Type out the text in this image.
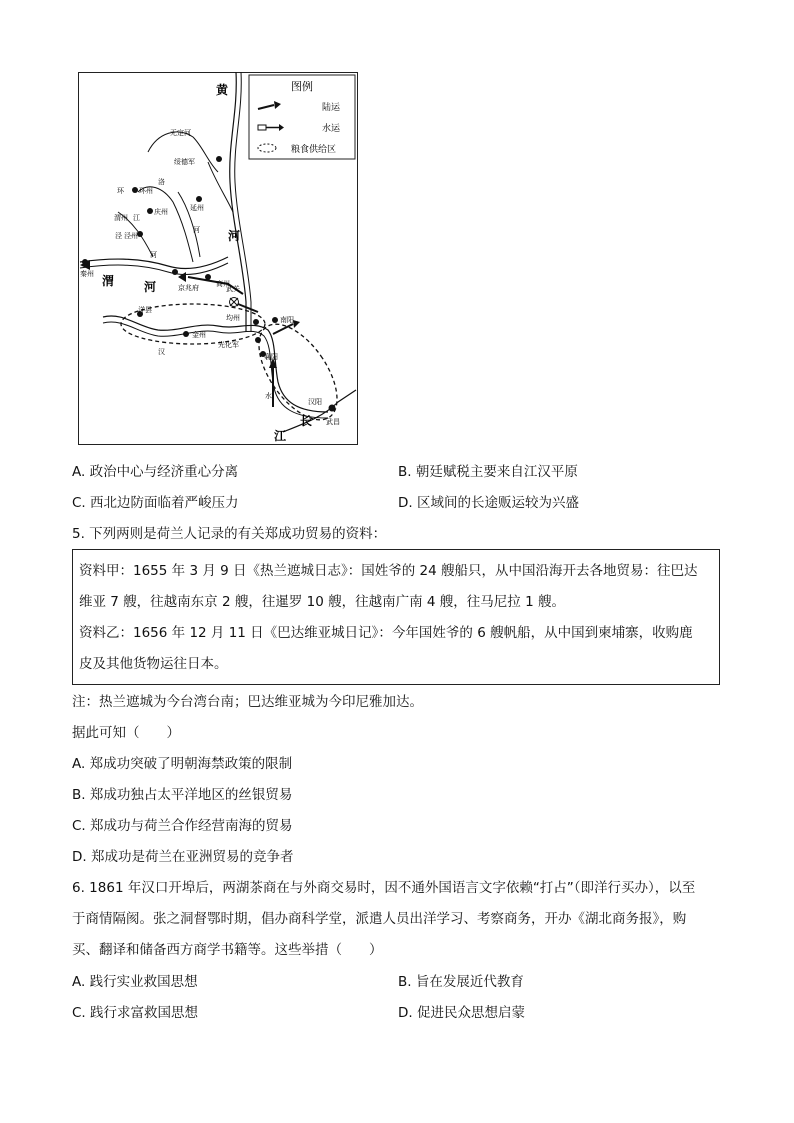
图例
陆运
水运
粮食供给区
黄
河
渭 河
长
江
无定河
绥德军
环 环州
洛
庆州	延州
渭州 江
泾 泾州
河
河
秦州
京兆府 商州
武关
南阳
洋县
均州
金州
汉
光化军
襄阳
水
汉阳
武昌
A. 政治中心与经济重心分离	B. 朝廷赋税主要来自江汉平原
C. 西北边防面临着严峻压力	D. 区域间的长途贩运较为兴盛
5. 下列两则是荷兰人记录的有关郑成功贸易的资料：
资料甲：1655 年 3 月 9 日《热兰遮城日志》：国姓爷的 24 艘船只，从中国沿海开去各地贸易：往巴达
维亚 7 艘，往越南东京 2 艘，往暹罗 10 艘，往越南广南 4 艘，往马尼拉 1 艘。
资料乙：1656 年 12 月 11 日《巴达维亚城日记》：今年国姓爷的 6 艘帆船，从中国到柬埔寨，收购鹿
皮及其他货物运往日本。
注：热兰遮城为今台湾台南；巴达维亚城为今印尼雅加达。
据此可知（　　）
A. 郑成功突破了明朝海禁政策的限制
B. 郑成功独占太平洋地区的丝银贸易
C. 郑成功与荷兰合作经营南海的贸易
D. 郑成功是荷兰在亚洲贸易的竞争者
6. 1861 年汉口开埠后，两湖茶商在与外商交易时，因不通外国语言文字依赖“打占”（即洋行买办），以至
于商情隔阂。张之洞督鄂时期，倡办商科学堂，派遣人员出洋学习、考察商务，开办《湖北商务报》，购
买、翻译和储备西方商学书籍等。这些举措（　　）
A. 践行实业救国思想	B. 旨在发展近代教育
C. 践行求富救国思想	D. 促进民众思想启蒙
